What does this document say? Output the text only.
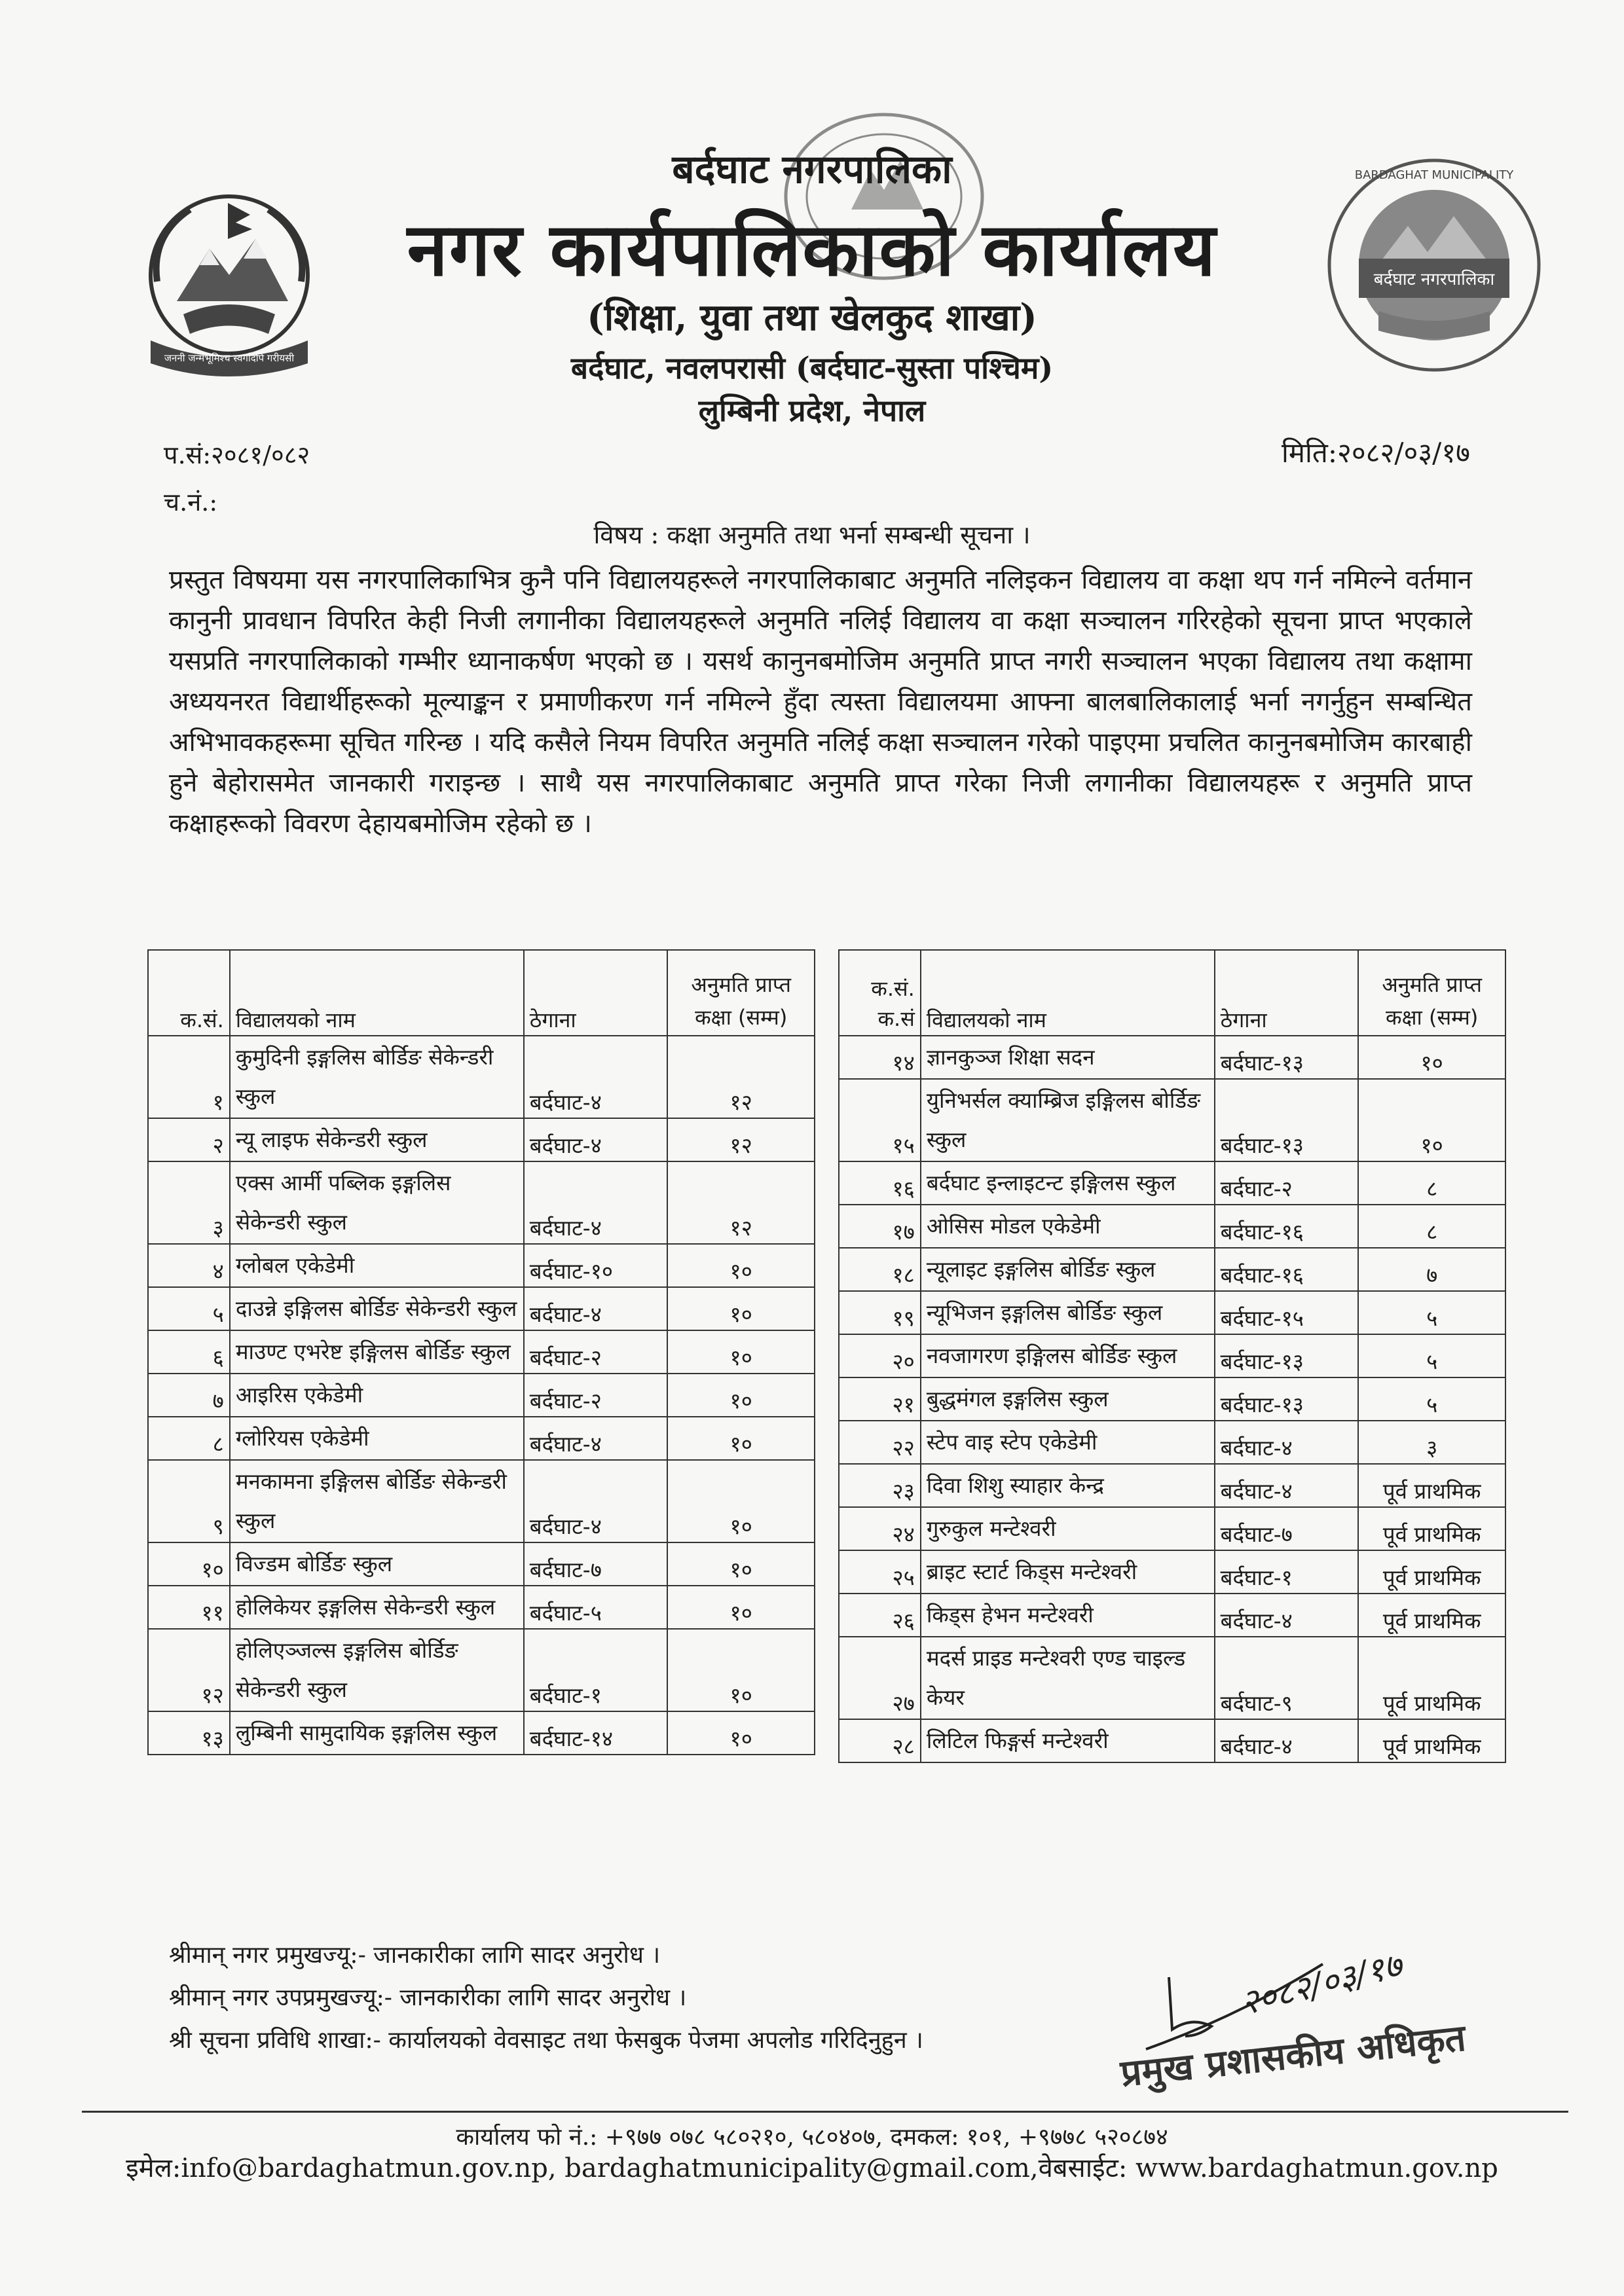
जननी जन्मभूमिश्च स्वर्गादपि गरीयसी
बर्दघाट नगरपालिका
BARDAGHAT MUNICIPALITY
बर्दघाट नगरपालिका
नगर कार्यपालिकाको कार्यालय
(शिक्षा, युवा तथा खेलकुद शाखा)
बर्दघाट, नवलपरासी (बर्दघाट-सुस्ता पश्चिम)
लुम्बिनी प्रदेश, नेपाल
प.सं:२०८१/०८२
च.नं.:
मिति:२०८२/०३/१७
विषय : कक्षा अनुमति तथा भर्ना सम्बन्धी सूचना ।
प्रस्तुत विषयमा यस नगरपालिकाभित्र कुनै पनि विद्यालयहरूले नगरपालिकाबाट अनुमति नलिइकन विद्यालय वा कक्षा थप गर्न नमिल्ने वर्तमान कानुनी प्रावधान विपरित केही निजी लगानीका विद्यालयहरूले अनुमति नलिई विद्यालय वा कक्षा सञ्चालन गरिरहेको सूचना प्राप्त भएकाले यसप्रति नगरपालिकाको गम्भीर ध्यानाकर्षण भएको छ । यसर्थ कानुनबमोजिम अनुमति प्राप्त नगरी सञ्चालन भएका विद्यालय तथा कक्षामा अध्ययनरत विद्यार्थीहरूको मूल्याङ्कन र प्रमाणीकरण गर्न नमिल्ने हुँदा त्यस्ता विद्यालयमा आफ्ना बालबालिकालाई भर्ना नगर्नुहुन सम्बन्धित अभिभावकहरूमा सूचित गरिन्छ । यदि कसैले नियम विपरित अनुमति नलिई कक्षा सञ्चालन गरेको पाइएमा प्रचलित कानुनबमोजिम कारबाही हुने बेहोरासमेत जानकारी गराइन्छ । साथै यस नगरपालिकाबाट अनुमति प्राप्त गरेका निजी लगानीका विद्यालयहरू र अनुमति प्राप्त कक्षाहरूको विवरण देहायबमोजिम रहेको छ ।
क.सं.	विद्यालयको नाम	ठेगाना	अनुमति प्राप्त कक्षा (सम्म)
१	कुमुदिनी इङ्गलिस बोर्डिङ सेकेन्डरी स्कुल	बर्दघाट-४	१२
२	न्यू लाइफ सेकेन्डरी स्कुल	बर्दघाट-४	१२
३	एक्स आर्मी पब्लिक इङ्गलिस सेकेन्डरी स्कुल	बर्दघाट-४	१२
४	ग्लोबल एकेडेमी	बर्दघाट-१०	१०
५	दाउन्ने इङ्गिलस बोर्डिङ सेकेन्डरी स्कुल	बर्दघाट-४	१०
६	माउण्ट एभरेष्ट इङ्गिलस बोर्डिङ स्कुल	बर्दघाट-२	१०
७	आइरिस एकेडेमी	बर्दघाट-२	१०
८	ग्लोरियस एकेडेमी	बर्दघाट-४	१०
९	मनकामना इङ्गिलस बोर्डिङ सेकेन्डरी स्कुल	बर्दघाट-४	१०
१०	विज्डम बोर्डिङ स्कुल	बर्दघाट-७	१०
११	होलिकेयर इङ्गलिस सेकेन्डरी स्कुल	बर्दघाट-५	१०
१२	होलिएञ्जल्स इङ्गलिस बोर्डिङ सेकेन्डरी स्कुल	बर्दघाट-१	१०
१३	लुम्बिनी सामुदायिक इङ्गलिस स्कुल	बर्दघाट-१४	१०
क.सं. क.सं	विद्यालयको नाम	ठेगाना	अनुमति प्राप्त कक्षा (सम्म)
१४	ज्ञानकुञ्ज शिक्षा सदन	बर्दघाट-१३	१०
१५	युनिभर्सल क्याम्ब्रिज इङ्गिलस बोर्डिङ स्कुल	बर्दघाट-१३	१०
१६	बर्दघाट इन्लाइटन्ट इङ्गिलस स्कुल	बर्दघाट-२	८
१७	ओसिस मोडल एकेडेमी	बर्दघाट-१६	८
१८	न्यूलाइट इङ्गलिस बोर्डिङ स्कुल	बर्दघाट-१६	७
१९	न्यूभिजन इङ्गलिस बोर्डिङ स्कुल	बर्दघाट-१५	५
२०	नवजागरण इङ्गिलस बोर्डिङ स्कुल	बर्दघाट-१३	५
२१	बुद्धमंगल इङ्गलिस स्कुल	बर्दघाट-१३	५
२२	स्टेप वाइ स्टेप एकेडेमी	बर्दघाट-४	३
२३	दिवा शिशु स्याहार केन्द्र	बर्दघाट-४	पूर्व प्राथमिक
२४	गुरुकुल मन्टेश्वरी	बर्दघाट-७	पूर्व प्राथमिक
२५	ब्राइट स्टार्ट किड्स मन्टेश्वरी	बर्दघाट-१	पूर्व प्राथमिक
२६	किड्स हेभन मन्टेश्वरी	बर्दघाट-४	पूर्व प्राथमिक
२७	मदर्स प्राइड मन्टेश्वरी एण्ड चाइल्ड केयर	बर्दघाट-९	पूर्व प्राथमिक
२८	लिटिल फिङ्गर्स मन्टेश्वरी	बर्दघाट-४	पूर्व प्राथमिक
श्रीमान् नगर प्रमुखज्यू:- जानकारीका लागि सादर अनुरोध ।
श्रीमान् नगर उपप्रमुखज्यू:- जानकारीका लागि सादर अनुरोध ।
श्री सूचना प्रविधि शाखा:- कार्यालयको वेवसाइट तथा फेसबुक पेजमा अपलोड गरिदिनुहुन ।
२०८२/०३/१७
प्रमुख प्रशासकीय अधिकृत
कार्यालय फो नं.: +९७७ ०७८ ५८०२१०, ५८०४०७, दमकल: १०१, +९७७८ ५२०८७४
इमेल:info@bardaghatmun.gov.np, bardaghatmunicipality@gmail.com,वेबसाईट: www.bardaghatmun.gov.np
